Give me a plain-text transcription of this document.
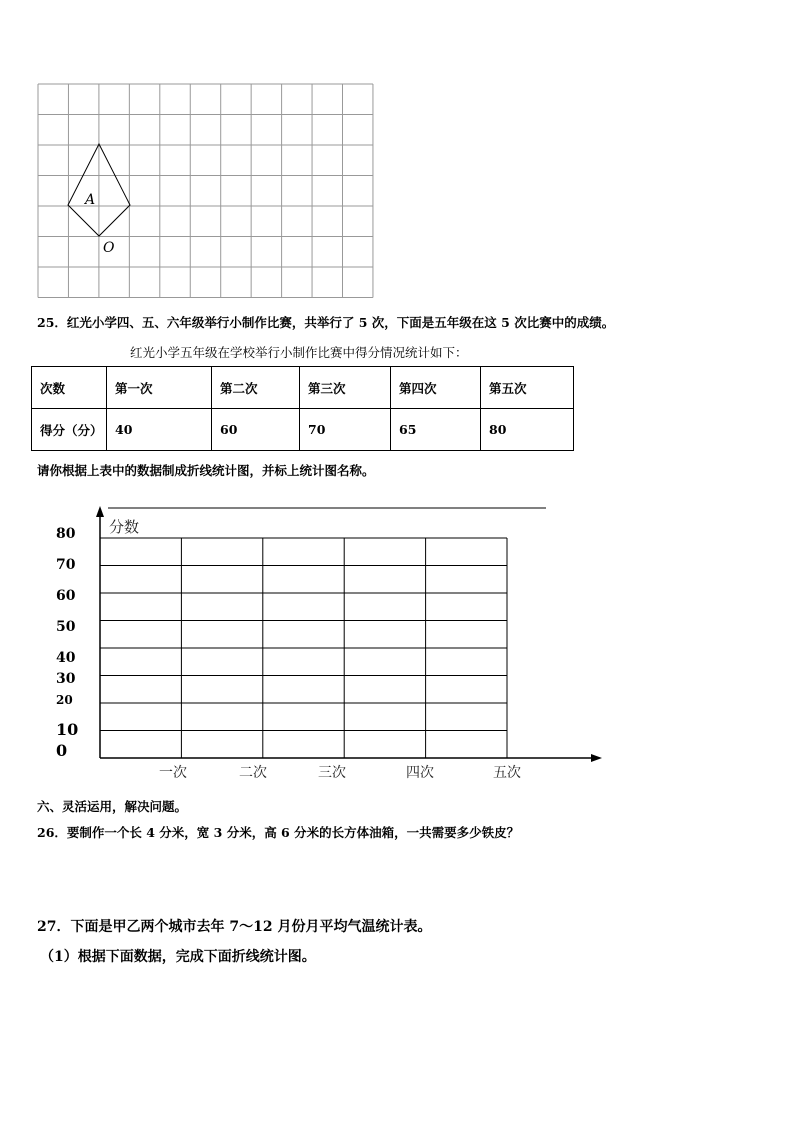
A
O
25．红光小学四、五、六年级举行小制作比赛，共举行了 5 次，下面是五年级在这 5 次比赛中的成绩。
红光小学五年级在学校举行小制作比赛中得分情况统计如下：
次数	第一次	第二次	第三次	第四次	第五次
得分（分）	40	60	70	65	80
请你根据上表中的数据制成折线统计图，并标上统计图名称。
分数
80
70
60
50
40
30
20
10
0
一次	二次	三次	四次	五次
六、灵活运用，解决问题。
26．要制作一个长 4 分米，宽 3 分米，高 6 分米的长方体油箱，一共需要多少铁皮？
27．下面是甲乙两个城市去年 7～12 月份月平均气温统计表。
（1）根据下面数据，完成下面折线统计图。
